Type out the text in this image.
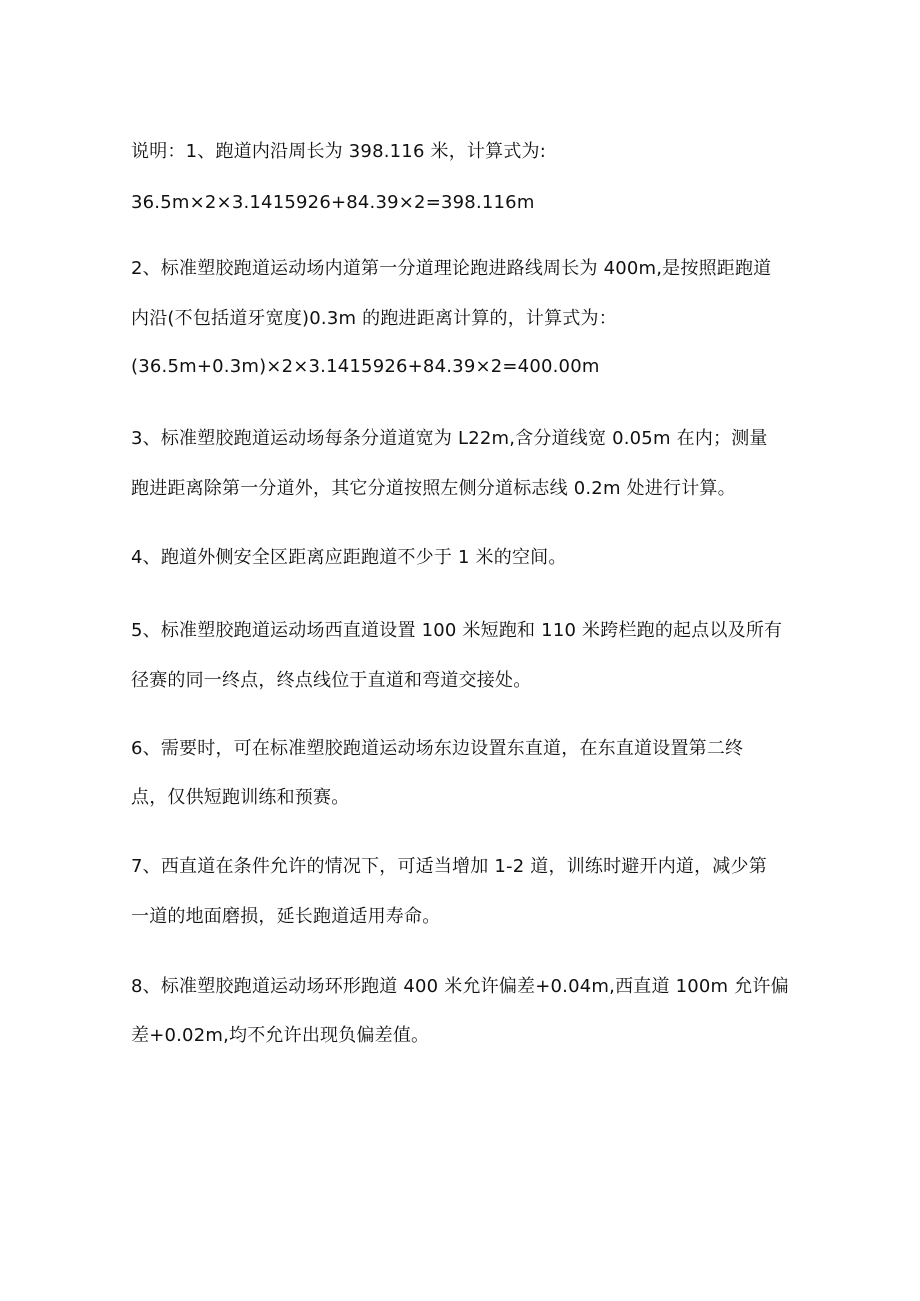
说明：1、跑道内沿周长为 398.116 米，计算式为:
36.5m×2×3.1415926+84.39×2=398.116m
2、标准塑胶跑道运动场内道第一分道理论跑进路线周长为 400m,是按照距跑道
内沿(不包括道牙宽度)0.3m 的跑进距离计算的，计算式为：
(36.5m+0.3m)×2×3.1415926+84.39×2=400.00m
3、标准塑胶跑道运动场每条分道道宽为 L22m,含分道线宽 0.05m 在内；测量
跑进距离除第一分道外，其它分道按照左侧分道标志线 0.2m 处进行计算。
4、跑道外侧安全区距离应距跑道不少于 1 米的空间。
5、标准塑胶跑道运动场西直道设置 100 米短跑和 110 米跨栏跑的起点以及所有
径赛的同一终点，终点线位于直道和弯道交接处。
6、需要时，可在标准塑胶跑道运动场东边设置东直道，在东直道设置第二终
点，仅供短跑训练和预赛。
7、西直道在条件允许的情况下，可适当增加 1-2 道，训练时避开内道，减少第
一道的地面磨损，延长跑道适用寿命。
8、标准塑胶跑道运动场环形跑道 400 米允许偏差+0.04m,西直道 100m 允许偏
差+0.02m,均不允许出现负偏差值。
